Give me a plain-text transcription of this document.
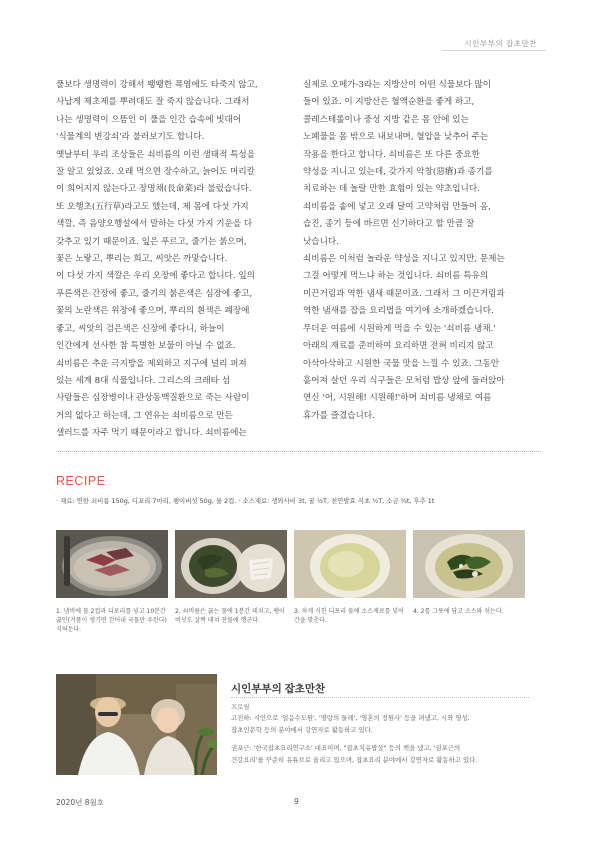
시인부부의 잡초만찬

풀보다 생명력이 강해서 뙝뙝한 폭염에도 타죽지 않고,
사납게 제초제를 뿌려대도 잘 죽지 않습니다. 그래서
나는 생명력이 으뜸인 이 풀을 인간 습속에 빗대어
'식물계의 변강쇠'라 불러보기도 합니다.

옛날부터 우리 조상들은 쇠비름의 이런 생태적 특성을
잘 알고 있었죠. 오래 먹으면 장수하고, 늙어도 머리칼
이 희어지지 않는다고 장명채(長命菜)라 불렀습니다.
또 오행초(五行草)라고도 했는데, 제 몸에 다섯 가지
색깔, 즉 음양오행설에서 말하는 다섯 가지 기운을 다
갖추고 있기 때문이죠. 잎은 푸르고, 줄기는 붉으며,
꽃은 노랗고, 뿌리는 희고, 씨앗은 까맣습니다.

이 다섯 가지 색깔은 우리 오장에 좋다고 합니다. 잎의
푸른색은 간장에 좋고, 줄기의 붉은색은 심장에 좋고,
꽃의 노란색은 위장에 좋으며, 뿌리의 흰색은 폐장에
좋고, 씨앗의 검은색은 신장에 좋다니, 하늘이
인간에게 선사한 참 특별한 보물이 아닐 수 없죠.

쇠비름은 추운 극지방을 제외하고 지구에 널리 퍼져
있는 세계 8대 식물입니다. 그리스의 크레타 섬
사람들은 심장병이나 관상동맥질환으로 죽는 사람이
거의 없다고 하는데, 그 연유는 쇠비름으로 만든
샐러드를 자주 먹기 때문이라고 합니다. 쇠비름에는

실제로 오메가-3라는 지방산이 어떤 식물보다 많이
들어 있죠. 이 지방산은 혈액순환을 좋게 하고,
콜레스테롤이나 중성 지방 같은 몸 안에 있는
노폐물을 몸 밖으로 내보내며, 혈압을 낮추어 주는
작용을 한다고 합니다. 쇠비름은 또 다른 중요한
약성을 지니고 있는데, 갖가지 악창(惡瘡)과 종기를
치료하는 데 놀랄 만한 효험이 있는 약초입니다.
쇠비름을 솥에 넣고 오래 달여 고약처럼 만들어 옴,
습진, 종기 등에 바르면 신기하다고 할 만큼 잘
낫습니다.

쇠비름은 이처럼 놀라운 약성을 지니고 있지만, 문제는
그걸 어떻게 먹느냐 하는 것입니다. 쇠비름 특유의
미끈거림과 역한 냄새 때문이죠. 그래서 그 미끈거림과
역한 냄새를 잡을 요리법을 여기에 소개하겠습니다.

무더운 여름에 시원하게 먹을 수 있는 '쇠비름 냉채.'
아래의 재료를 준비하여 요리하면 전혀 비리지 않고
아삭아삭하고 시원한 국물 맛을 느낄 수 있죠. 그동안
흩어져 살던 우리 식구들은 모처럼 밥상 앞에 둘러앉아
연신 '어, 시원해! 시원해!'하며 쇠비름 냉채로 여름
휴가를 즐겼습니다.

RECIPE
· 재료: 연한 쇠비름 150g, 디포리 7마리, 팽이버섯 50g, 물 2컵. · 소스재료: 생와사비 3t, 꿀 ½T, 천연발효 식초 ½T, 소금 ¼t, 후추 1t
1. 냄비에 물 2컵과 디포리를 넣고 10분간 끓인(거품이 생기면 걷어내 국물만 우린다) 식혀둔다.
2. 쇠비름은 끓는 물에 1분간 데치고, 팽이버섯도 살짝 데쳐 찬물에 헹군다.
3. 차게 식힌 디포리 물에 소스재료를 넣어 간을 맞춘다.
4. 2를 그릇에 담고 소스와 섞는다.
시인부부의 잡초만찬
프로필
고진하: 시인으로 '얼음수도원', '명랑의 둘레', '영혼의 정원사' 등을 펴냈고, 시와 영성,
잡초인문학 등의 분야에서 강연자로 활동하고 있다.
권포근: '한국잡초요리연구소' 대표이며, "잡초치유밥상" 등의 책을 냈고, '권포근의
건강요리'를 꾸준히 유튜브로 올리고 있으며, 잡초요리 분야에서 강연자로 활동하고 있다.
2020년 8월호	9
